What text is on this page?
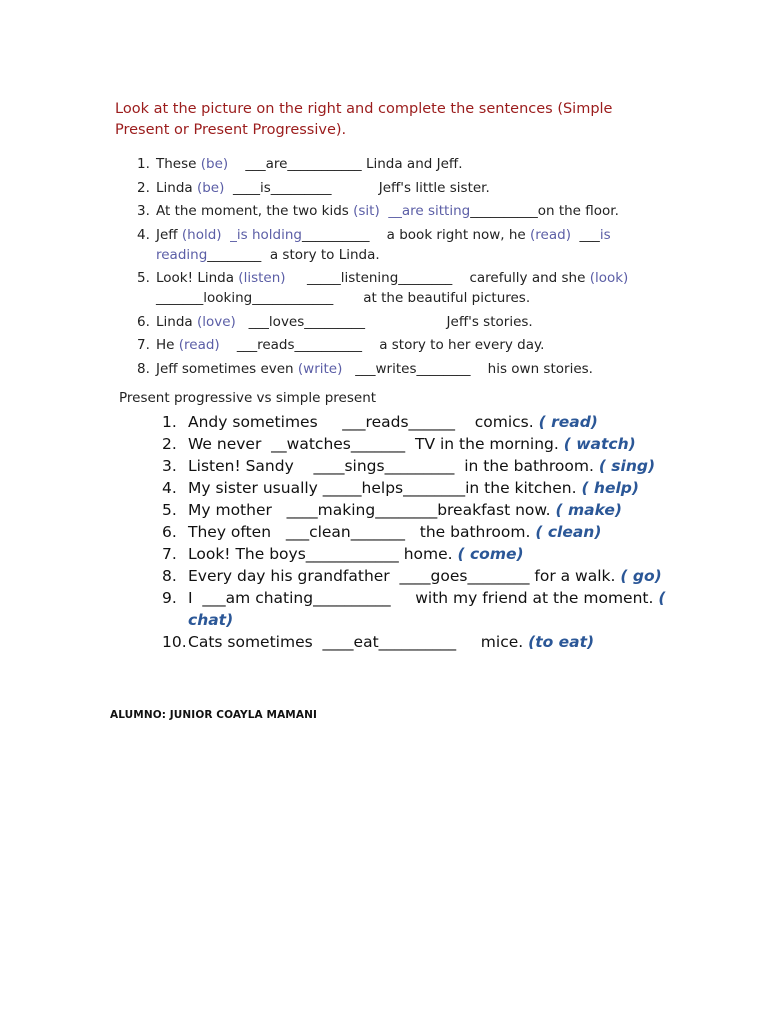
Look at the picture on the right and complete the sentences (Simple Present or Present Progressive).

1. These (be)    ___are___________ Linda and Jeff.
2. Linda (be)  ____is_________           Jeff's little sister.
3. At the moment, the two kids (sit) __are sitting__________on the floor.
4. Jeff (hold) _is holding__________    a book right now, he (read)  ___is reading________  a story to Linda.
5. Look! Linda (listen)     _____listening________    carefully and she (look) _______looking____________       at the beautiful pictures.
6. Linda (love)   ___loves_________                   Jeff's stories.
7. He (read)    ___reads__________    a story to her every day.
8. Jeff sometimes even (write)   ___writes________    his own stories.

Present progressive vs simple present

1. Andy sometimes     ___reads______    comics. ( read)
2. We never  __watches_______  TV in the morning. ( watch)
3. Listen! Sandy    ____sings_________  in the bathroom. ( sing)
4. My sister usually _____helps________in the kitchen. ( help)
5. My mother   ____making________breakfast now. ( make)
6. They often   ___clean_______   the bathroom. ( clean)
7. Look! The boys____________ home. ( come)
8. Every day his grandfather  ____goes________ for a walk. ( go)
9. I  ___am chating__________     with my friend at the moment. ( chat)
10. Cats sometimes  ____eat__________     mice. (to eat)

ALUMNO: JUNIOR COAYLA MAMANI
